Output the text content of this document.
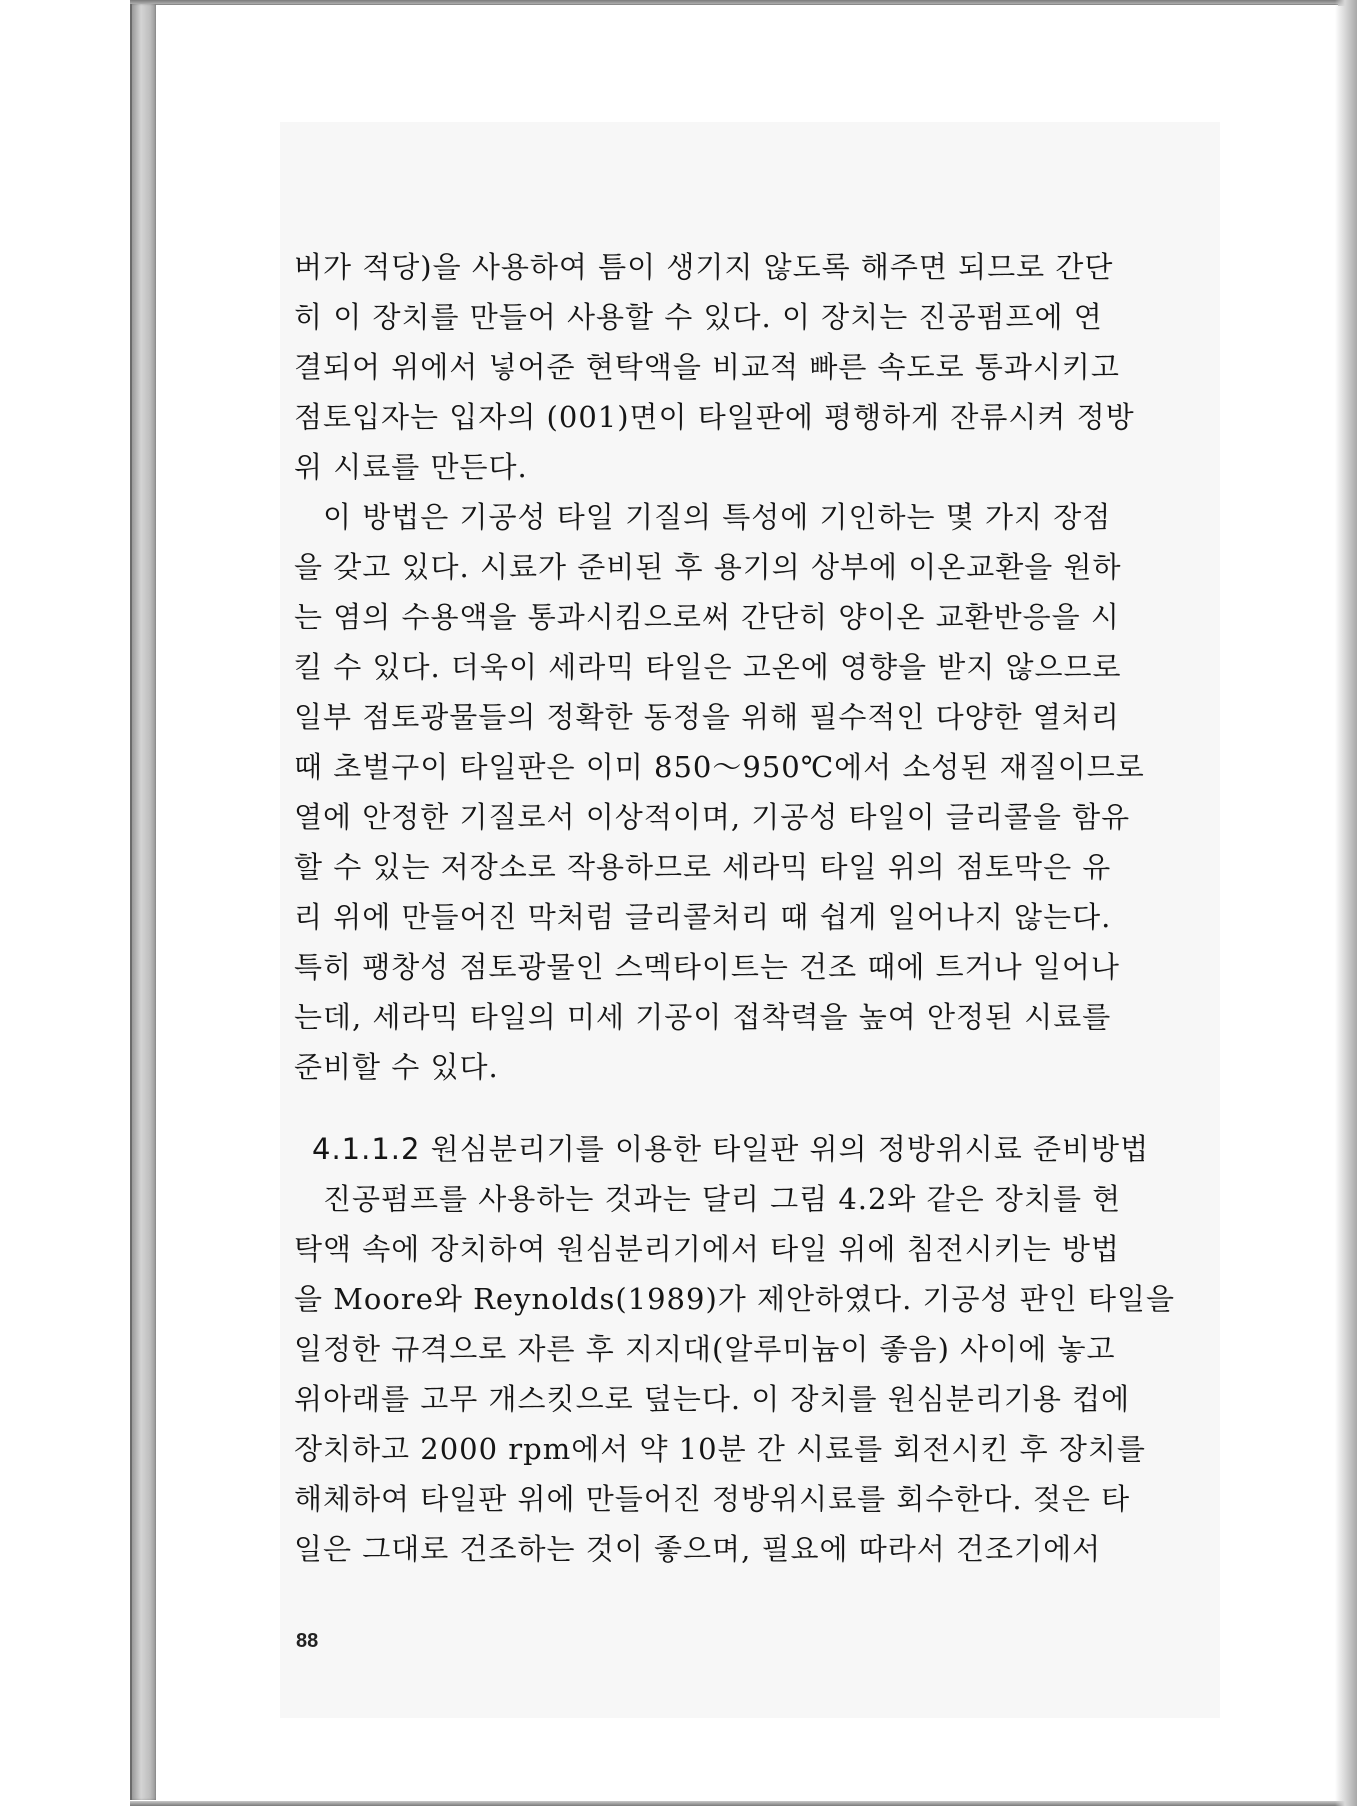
버가 적당)을 사용하여 틈이 생기지 않도록 해주면 되므로 간단
히 이 장치를 만들어 사용할 수 있다. 이 장치는 진공펌프에 연
결되어 위에서 넣어준 현탁액을 비교적 빠른 속도로 통과시키고
점토입자는 입자의 (001)면이 타일판에 평행하게 잔류시켜 정방
위 시료를 만든다.

이 방법은 기공성 타일 기질의 특성에 기인하는 몇 가지 장점
을 갖고 있다. 시료가 준비된 후 용기의 상부에 이온교환을 원하
는 염의 수용액을 통과시킴으로써 간단히 양이온 교환반응을 시
킬 수 있다. 더욱이 세라믹 타일은 고온에 영향을 받지 않으므로
일부 점토광물들의 정확한 동정을 위해 필수적인 다양한 열처리
때 초벌구이 타일판은 이미 850～950℃에서 소성된 재질이므로
열에 안정한 기질로서 이상적이며, 기공성 타일이 글리콜을 함유
할 수 있는 저장소로 작용하므로 세라믹 타일 위의 점토막은 유
리 위에 만들어진 막처럼 글리콜처리 때 쉽게 일어나지 않는다.
특히 팽창성 점토광물인 스멕타이트는 건조 때에 트거나 일어나
는데, 세라믹 타일의 미세 기공이 접착력을 높여 안정된 시료를
준비할 수 있다.

4.1.1.2 원심분리기를 이용한 타일판 위의 정방위시료 준비방법

진공펌프를 사용하는 것과는 달리 그림 4.2와 같은 장치를 현
탁액 속에 장치하여 원심분리기에서 타일 위에 침전시키는 방법
을 Moore와 Reynolds(1989)가 제안하였다. 기공성 판인 타일을
일정한 규격으로 자른 후 지지대(알루미늄이 좋음) 사이에 놓고
위아래를 고무 개스킷으로 덮는다. 이 장치를 원심분리기용 컵에
장치하고 2000 rpm에서 약 10분 간 시료를 회전시킨 후 장치를
해체하여 타일판 위에 만들어진 정방위시료를 회수한다. 젖은 타
일은 그대로 건조하는 것이 좋으며, 필요에 따라서 건조기에서

88
